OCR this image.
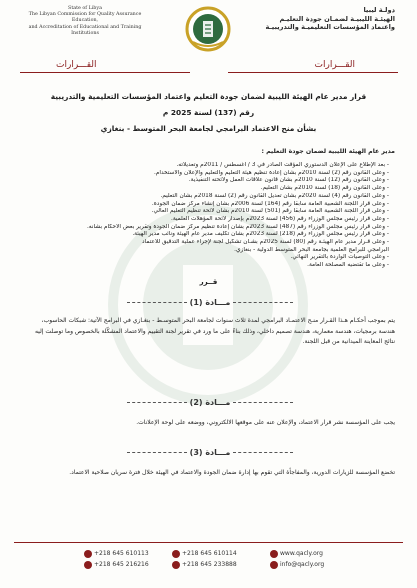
State of Libya
The Libyan Commission for Quality Assurance Education,
and Accreditation of Educational and Training Institutions
دولـة ليبيا
الهيئـة الليبيـة لضمـان جودة التعليـم
واعتماد المؤسسات التعليميـة والتدريبيـة
القـــرارات	القـــرارات
قرار مدير عام الهيئة الليبية لضمان جودة التعليم واعتماد المؤسسات التعليمية والتدريبية
رقم (137) لسنة 2025 م
بشأن منح الاعتماد البرامجي لجامعة البحر المتوسط - بنغازي
مدير عام الهيئة الليبية لضمان جودة التعليم :
- بعد الإطلاع على الإعلان الدستوري المؤقت الصادر في 3 / أغسطس / 2011م وتعديلاته.
- وعلى القانون رقم (2) لسنة 2010م بشأن إعادة تنظيم هيئة التعليم والتعليم والإعلان والاستخدام.
- وعلى القانون رقم (12) لسنة 2010م بشأن قانون علاقات العمل ولائحته التنفيذية.
- وعلى القانون رقم (18) لسنة 2010م بشأن التعليم.
- وعلى القانون رقم (4) لسنة 2020م بشأن تعديل القانون رقم (2) لسنة 2018م بشأن التعليم.
- وعلى قرار اللجنة الشعبية العامة سابقاً رقم (164) لسنة 2006م بشأن إنشاء مركز ضمان الجودة.
- وعلى قرار اللجنة الشعبية العامة سابقاً رقم (501) لسنة 2010م بشأن لائحة تنظيم التعليم العالي.
- وعلى قرار رئيس مجلس الوزراء رقم (456) لسنة 2023م بإصدار لائحة المؤهلات العلمية.
- وعلى قرار رئيس مجلس الوزراء رقم (487) لسنة 2023م بشأن إعادة تنظيم مركز ضمان الجودة وتقرير بعض الأحكام بشأنه.
- وعلى قرار رئيس مجلس الوزراء رقم (218) لسنة 2023م بشأن تكليف مدير عام الهيئة ونائب مدير الهيئة.
- وعلى قـرار مدير عام الهيئـة رقم (80) لسنة 2025م بشـأن تشكيل لجنة لإجراء عملية التدقيق للاعتماد
البرامجي للبرامج العلمية بجامعة البحر المتوسط الدولية - بنغازي.
- وعلى التوصيات الواردة بالتقرير النهائي.
- وعلى ما تقتضيه المصلحة العامة.
قــرر
مـــادة (1)
يتم بموجب أحكـام هـذا القـرار منـح الاعتمـاد البرامجي لمدة ثلاث سنوات لجامعة البحر المتوسـط - بنغـازي في البرامج الآتية: شبكات الحاسوب، هندسة برمجيات، هندسة معمارية، هندسة تصميم داخلي، وذلك بناءً على ما ورد في تقرير لجنة التقييم والاعتماد المشكّلة بالخصوص وما توصلت إليه نتائج المعاينة الميدانية من قبل اللجنة.
مـــادة (2)
يجب على المؤسسة نشر قرار الاعتماد، والإعلان عنه على موقعها الالكتروني، ووضعه على لوحة الإعلانات.
مـــادة (3)
تخضع المؤسسة للزيارات الدورية، والمفاجأة التي تقوم بها إدارة ضمان الجودة والاعتماد في الهيئة خلال فترة سريان صلاحية الاعتماد.
+218 645 610113
+218 645 216216
+218 645 610114
+218 645 233888
www.qacly.org
info@qacly.org
